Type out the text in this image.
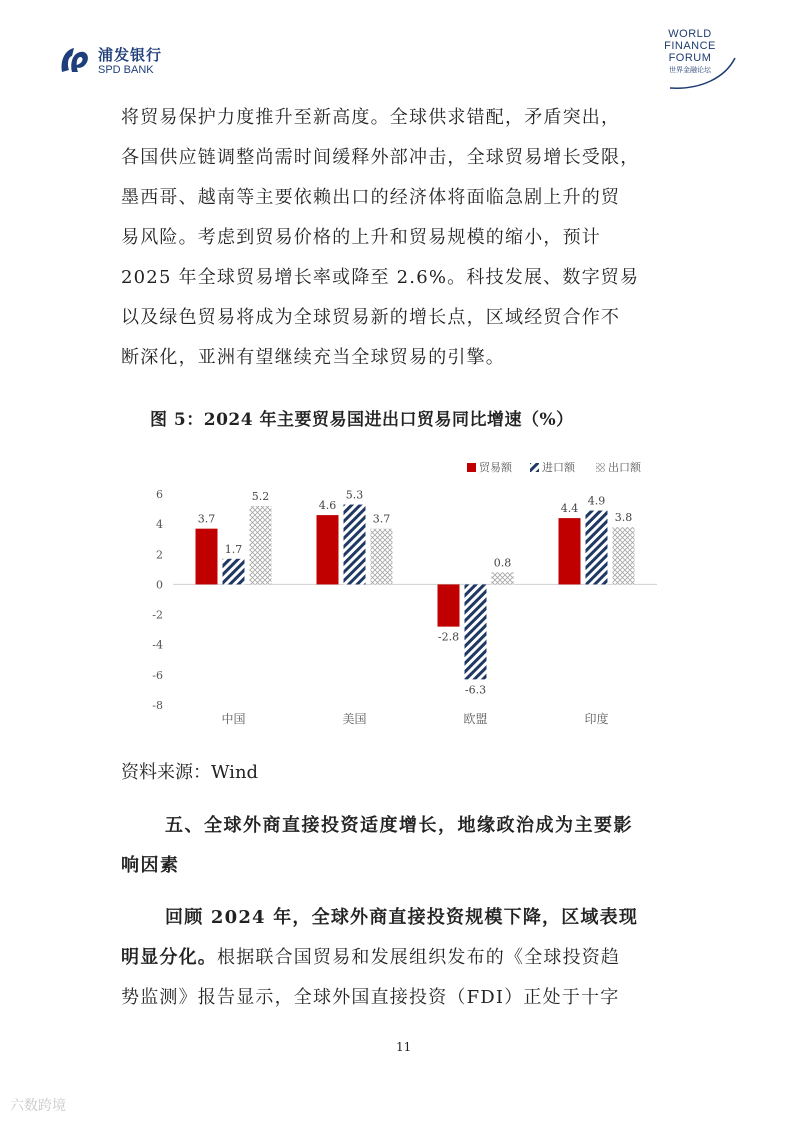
浦发银行
SPD BANK
WORLD
FINANCE
FORUM
世界金融论坛
将贸易保护力度推升至新高度。全球供求错配，矛盾突出，
各国供应链调整尚需时间缓释外部冲击，全球贸易增长受限，
墨西哥、越南等主要依赖出口的经济体将面临急剧上升的贸
易风险。考虑到贸易价格的上升和贸易规模的缩小，预计
2025 年全球贸易增长率或降至 2.6%。科技发展、数字贸易
以及绿色贸易将成为全球贸易新的增长点，区域经贸合作不
断深化，亚洲有望继续充当全球贸易的引擎。
图 5：2024 年主要贸易国进出口贸易同比增速（%）
6
4
2
0
-2
-4
-6
-8
3.7
1.7
5.2
4.6
5.3
3.7
-2.8
-6.3
0.8
4.4
4.9
3.8
中国	美国	欧盟	印度
贸易额	进口额	出口额
资料来源：Wind
五、全球外商直接投资适度增长，地缘政治成为主要影
响因素
回顾 2024 年，全球外商直接投资规模下降，区域表现
明显分化。根据联合国贸易和发展组织发布的《全球投资趋
势监测》报告显示，全球外国直接投资（FDI）正处于十字
11
六数跨境
